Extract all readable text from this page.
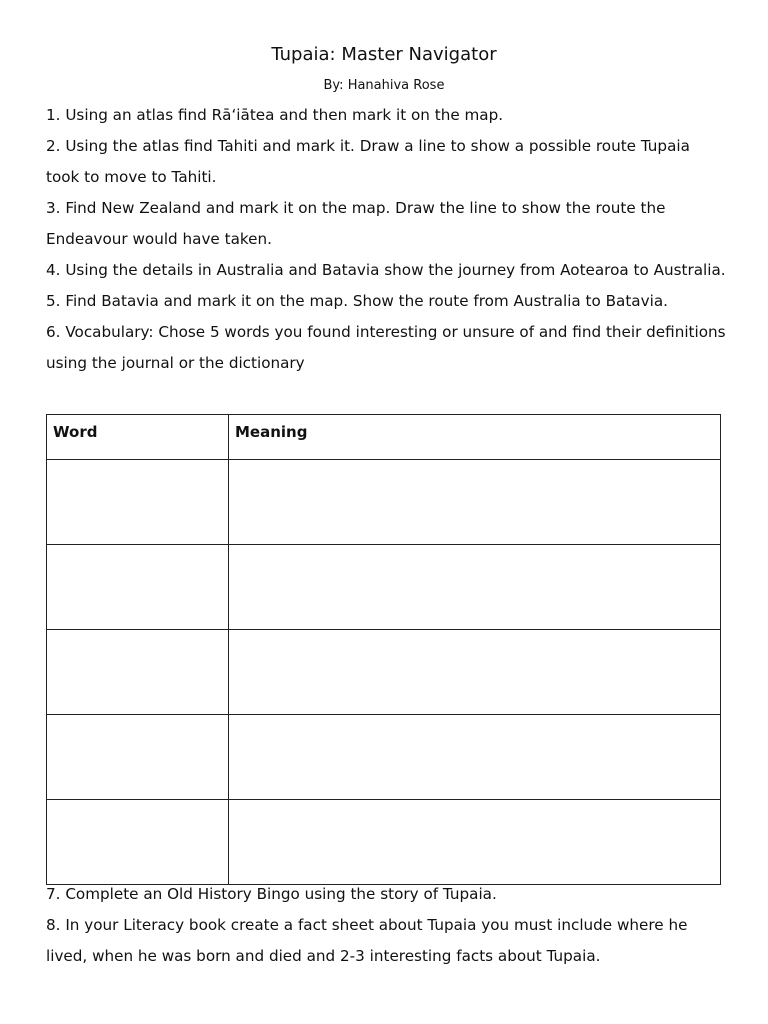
Tupaia: Master Navigator
By: Hanahiva Rose

1. Using an atlas find Rāʻiātea and then mark it on the map.

2. Using the atlas find Tahiti and mark it. Draw a line to show a possible route Tupaia took to move to Tahiti.

3. Find New Zealand and mark it on the map. Draw the line to show the route the Endeavour would have taken.

4. Using the details in Australia and Batavia show the journey from Aotearoa to Australia.

5. Find Batavia and mark it on the map. Show the route from Australia to Batavia.

6. Vocabulary: Chose 5 words you found interesting or unsure of and find their definitions using the journal or the dictionary

Word	Meaning

7. Complete an Old History Bingo using the story of Tupaia.

8. In your Literacy book create a fact sheet about Tupaia you must include where he lived, when he was born and died and 2-3 interesting facts about Tupaia.
